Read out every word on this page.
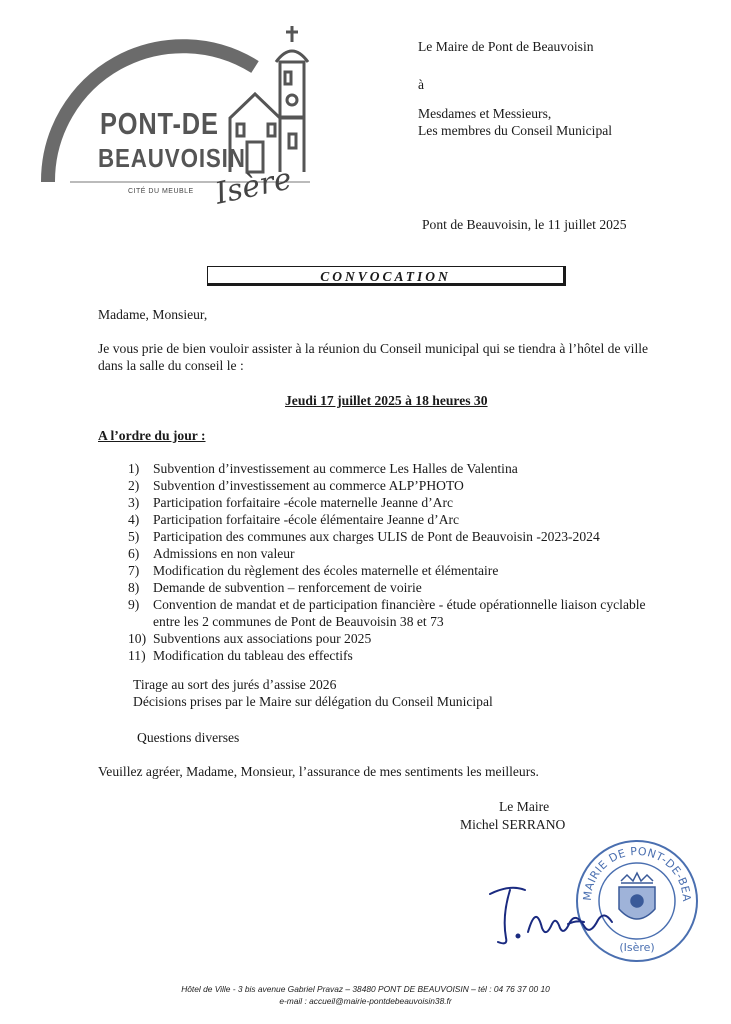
PONT-DE
BEAUVOISIN
CITÉ DU MEUBLE Isère
Le Maire de Pont de Beauvoisin
à
Mesdames et Messieurs,
Les membres du Conseil Municipal
Pont de Beauvoisin, le 11 juillet 2025
CONVOCATION
Madame, Monsieur,
Je vous prie de bien vouloir assister à la réunion du Conseil municipal qui se tiendra à l’hôtel de ville
dans la salle du conseil le :
Jeudi 17 juillet 2025 à 18 heures 30
A l’ordre du jour :
1) Subvention d’investissement au commerce Les Halles de Valentina
2) Subvention d’investissement au commerce ALP’PHOTO
3) Participation forfaitaire -école maternelle Jeanne d’Arc
4) Participation forfaitaire -école élémentaire Jeanne d’Arc
5) Participation des communes aux charges ULIS de Pont de Beauvoisin -2023-2024
6) Admissions en non valeur
7) Modification du règlement des écoles maternelle et élémentaire
8) Demande de subvention – renforcement de voirie
9) Convention de mandat et de participation financière - étude opérationnelle liaison cyclable
entre les 2 communes de Pont de Beauvoisin 38 et 73
10) Subventions aux associations pour 2025
11) Modification du tableau des effectifs
Tirage au sort des jurés d’assise 2026
Décisions prises par le Maire sur délégation du Conseil Municipal
Questions diverses
Veuillez agréer, Madame, Monsieur, l’assurance de mes sentiments les meilleurs.
Le Maire
Michel SERRANO
MAIRIE DE PONT-DE-BEA
(Isère)
Hôtel de Ville - 3 bis avenue Gabriel Pravaz – 38480 PONT DE BEAUVOISIN – tél : 04 76 37 00 10
e-mail : accueil@mairie-pontdebeauvoisin38.fr
